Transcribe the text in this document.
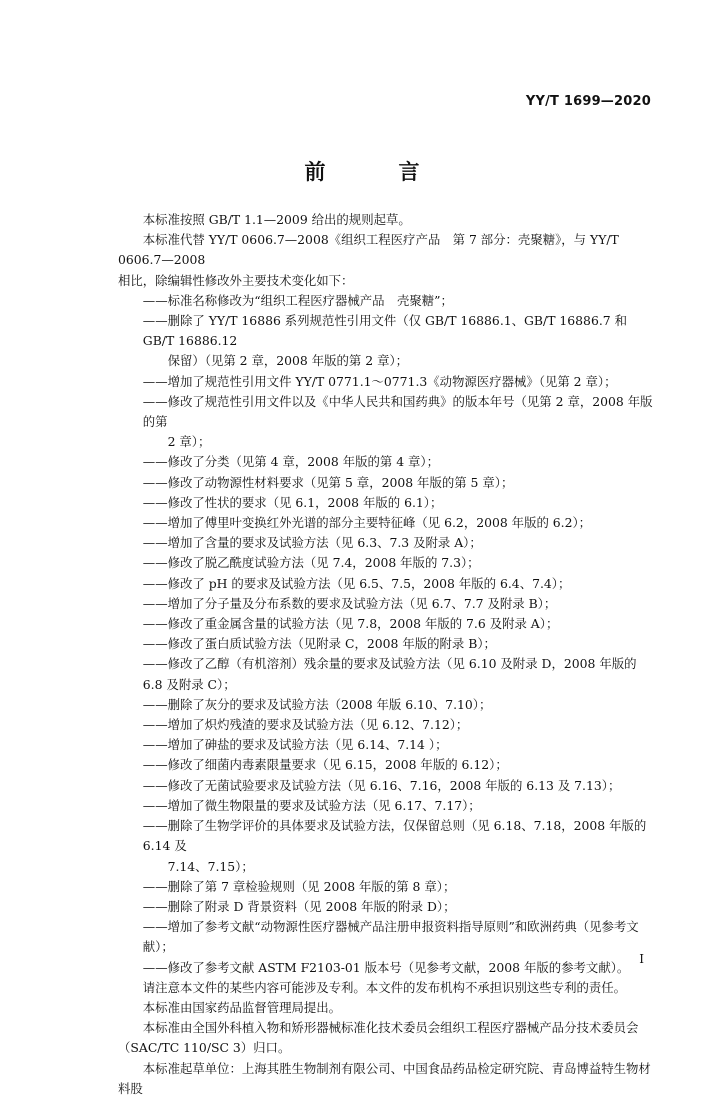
YY/T 1699—2020
前　言

本标准按照 GB/T 1.1—2009 给出的规则起草。

本标准代替 YY/T 0606.7—2008《组织工程医疗产品　第 7 部分：壳聚糖》，与 YY/T 0606.7—2008

相比，除编辑性修改外主要技术变化如下：

——标准名称修改为“组织工程医疗器械产品　壳聚糖”；

——删除了 YY/T 16886 系列规范性引用文件（仅 GB/T 16886.1、GB/T 16886.7 和 GB/T 16886.12

保留）（见第 2 章，2008 年版的第 2 章）；

——增加了规范性引用文件 YY/T 0771.1～0771.3《动物源医疗器械》（见第 2 章）；

——修改了规范性引用文件以及《中华人民共和国药典》的版本年号（见第 2 章，2008 年版的第

2 章）；

——修改了分类（见第 4 章，2008 年版的第 4 章）；

——修改了动物源性材料要求（见第 5 章，2008 年版的第 5 章）；

——修改了性状的要求（见 6.1，2008 年版的 6.1）；

——增加了傅里叶变换红外光谱的部分主要特征峰（见 6.2，2008 年版的 6.2）；

——增加了含量的要求及试验方法（见 6.3、7.3 及附录 A）；

——修改了脱乙酰度试验方法（见 7.4，2008 年版的 7.3）；

——修改了 pH 的要求及试验方法（见 6.5、7.5，2008 年版的 6.4、7.4）；

——增加了分子量及分布系数的要求及试验方法（见 6.7、7.7 及附录 B）；

——修改了重金属含量的试验方法（见 7.8，2008 年版的 7.6 及附录 A）；

——修改了蛋白质试验方法（见附录 C，2008 年版的附录 B）；

——修改了乙醇（有机溶剂）残余量的要求及试验方法（见 6.10 及附录 D，2008 年版的 6.8 及附录 C）；

——删除了灰分的要求及试验方法（2008 年版 6.10、7.10）；

——增加了炽灼残渣的要求及试验方法（见 6.12、7.12）；

——增加了砷盐的要求及试验方法（见 6.14、7.14 ）；

——修改了细菌内毒素限量要求（见 6.15，2008 年版的 6.12）；

——修改了无菌试验要求及试验方法（见 6.16、7.16，2008 年版的 6.13 及 7.13）；

——增加了微生物限量的要求及试验方法（见 6.17、7.17）；

——删除了生物学评价的具体要求及试验方法，仅保留总则（见 6.18、7.18，2008 年版的 6.14 及

7.14、7.15）；

——删除了第 7 章检验规则（见 2008 年版的第 8 章）；

——删除了附录 D 背景资料（见 2008 年版的附录 D）；

——增加了参考文献“动物源性医疗器械产品注册申报资料指导原则”和欧洲药典（见参考文献）；

——修改了参考文献 ASTM F2103-01 版本号（见参考文献，2008 年版的参考文献）。

请注意本文件的某些内容可能涉及专利。本文件的发布机构不承担识别这些专利的责任。

本标准由国家药品监督管理局提出。

本标准由全国外科植入物和矫形器械标准化技术委员会组织工程医疗器械产品分技术委员会

（SAC/TC 110/SC 3）归口。

本标准起草单位：上海其胜生物制剂有限公司、中国食品药品检定研究院、青岛博益特生物材料股

I
